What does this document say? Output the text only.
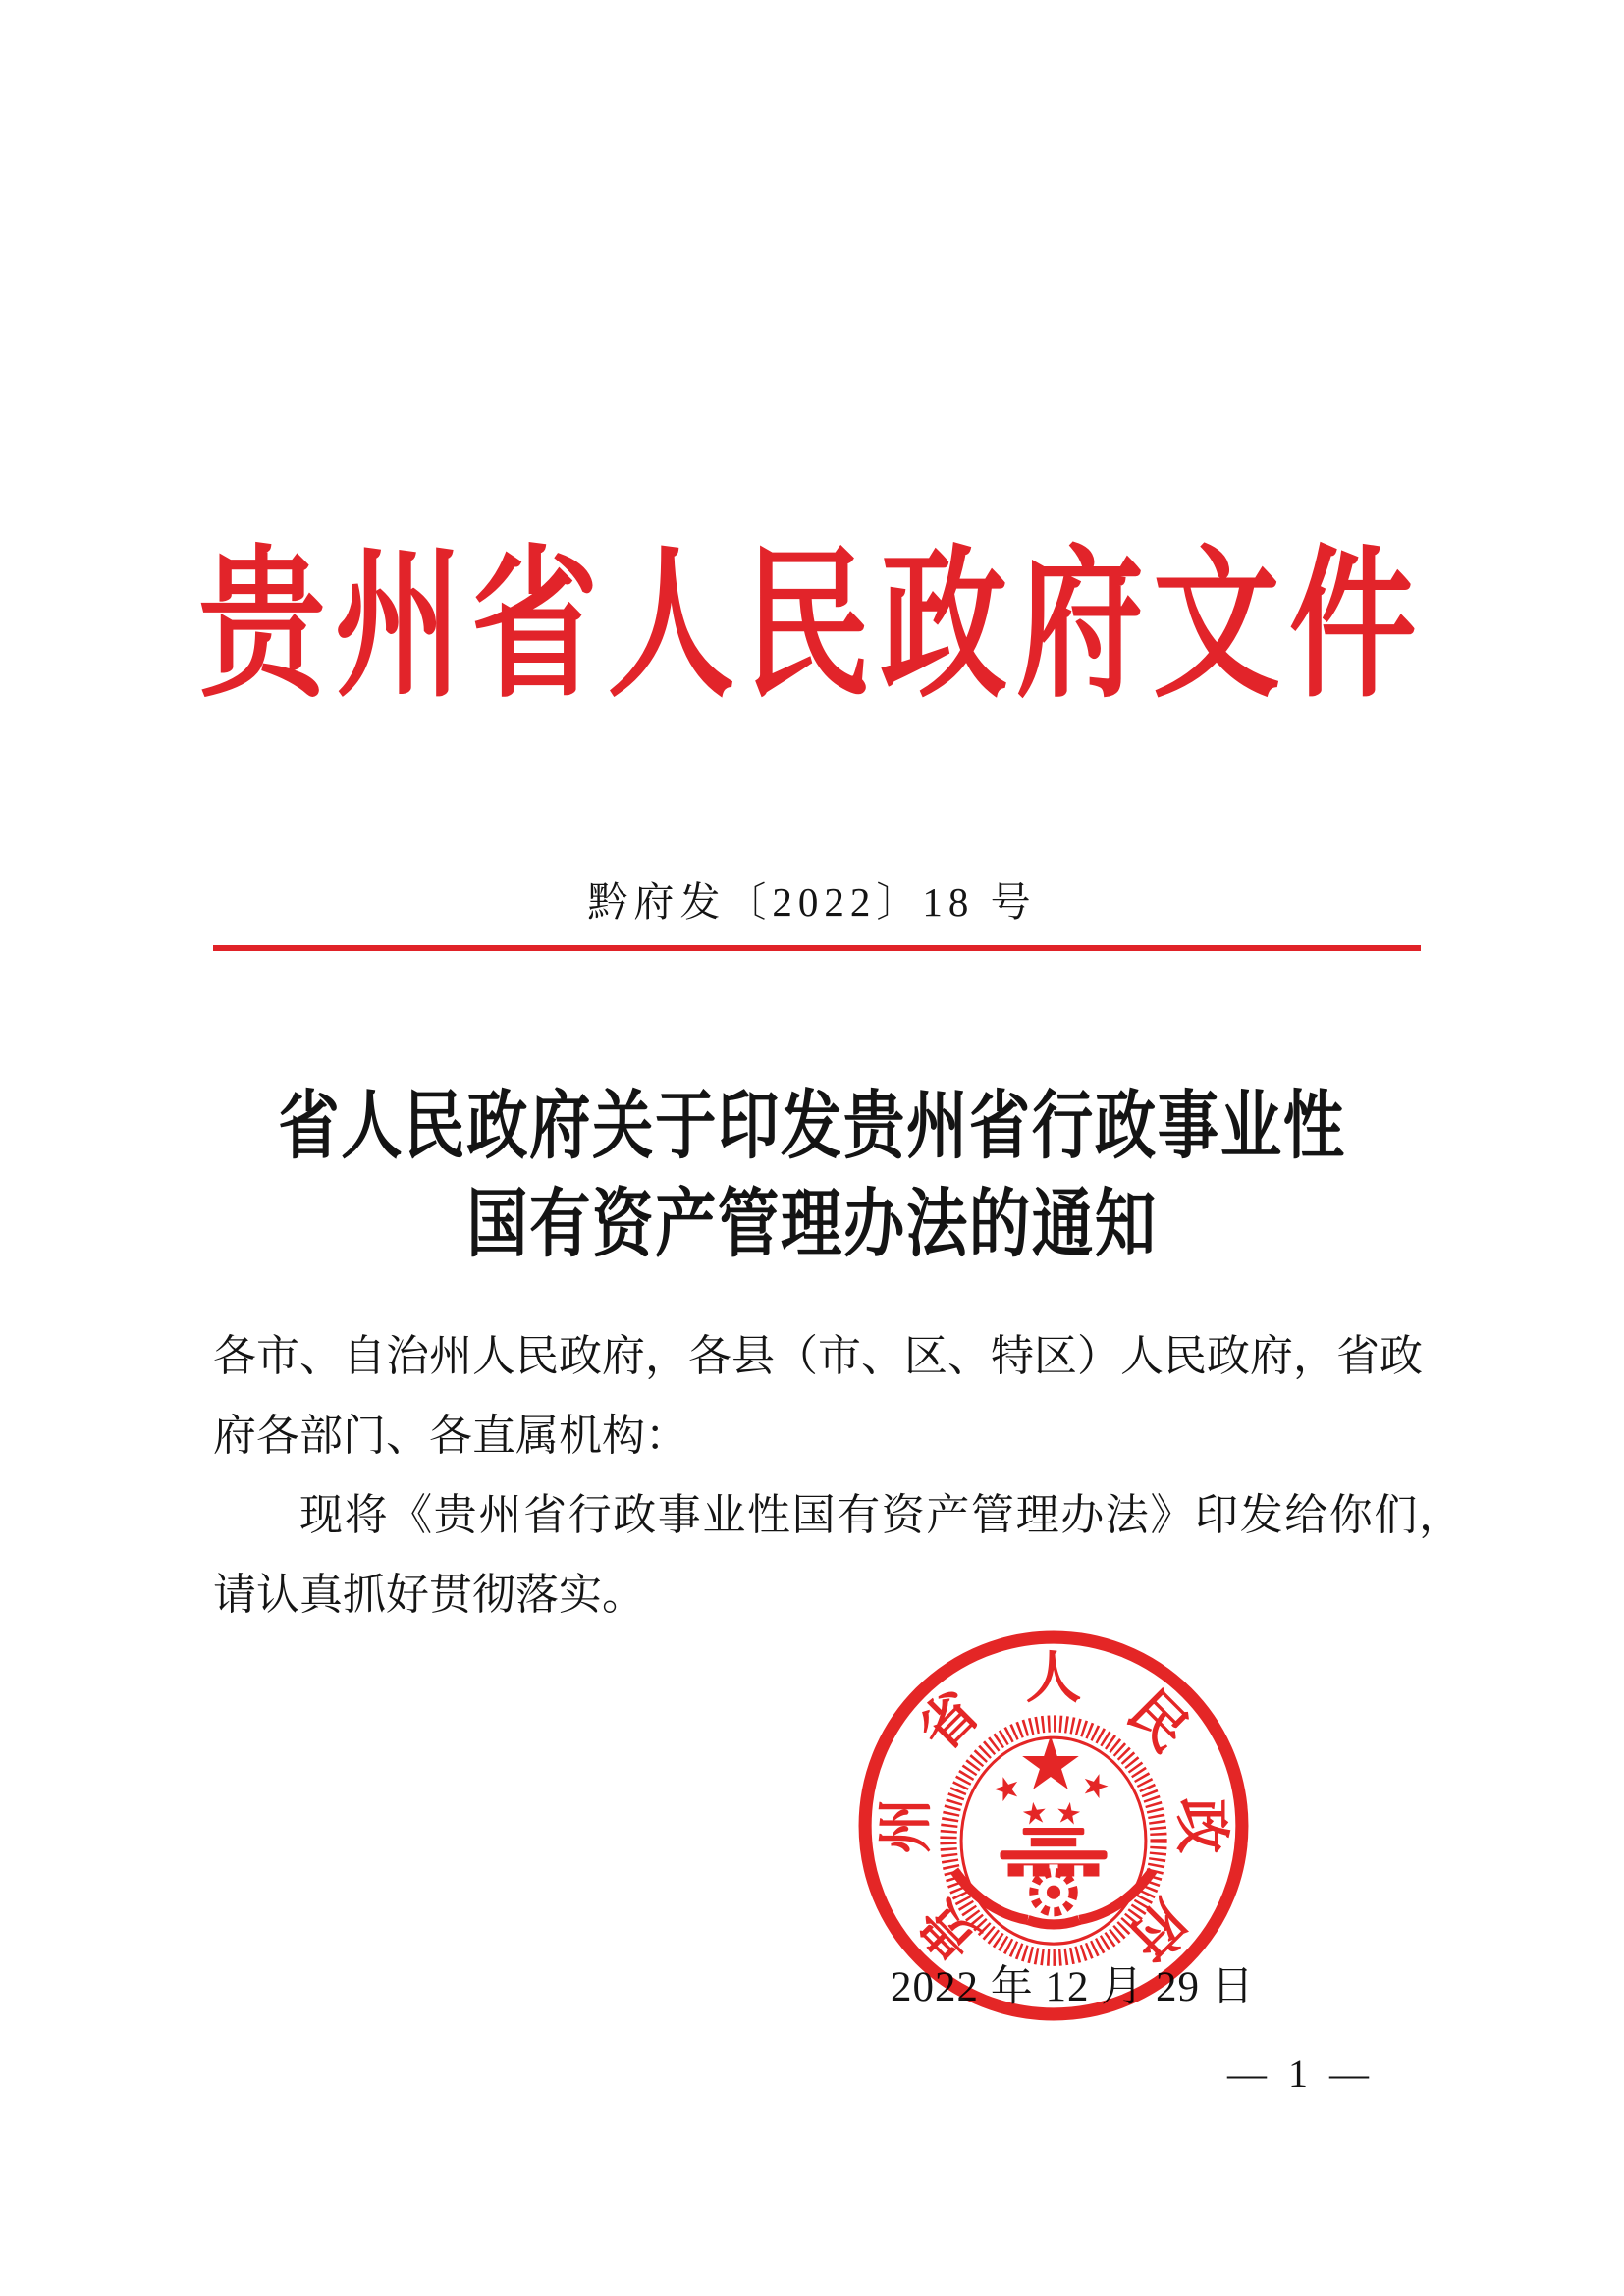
贵州省人民政府文件
黔府发〔2022〕18 号
省人民政府关于印发贵州省行政事业性
国有资产管理办法的通知
各市、自治州人民政府，各县（市、区、特区）人民政府，省政
府各部门、各直属机构：
现将《贵州省行政事业性国有资产管理办法》印发给你们，
请认真抓好贯彻落实。
2022 年 12 月 29 日
贵
州
省
人
民
政
府
— 1 —
